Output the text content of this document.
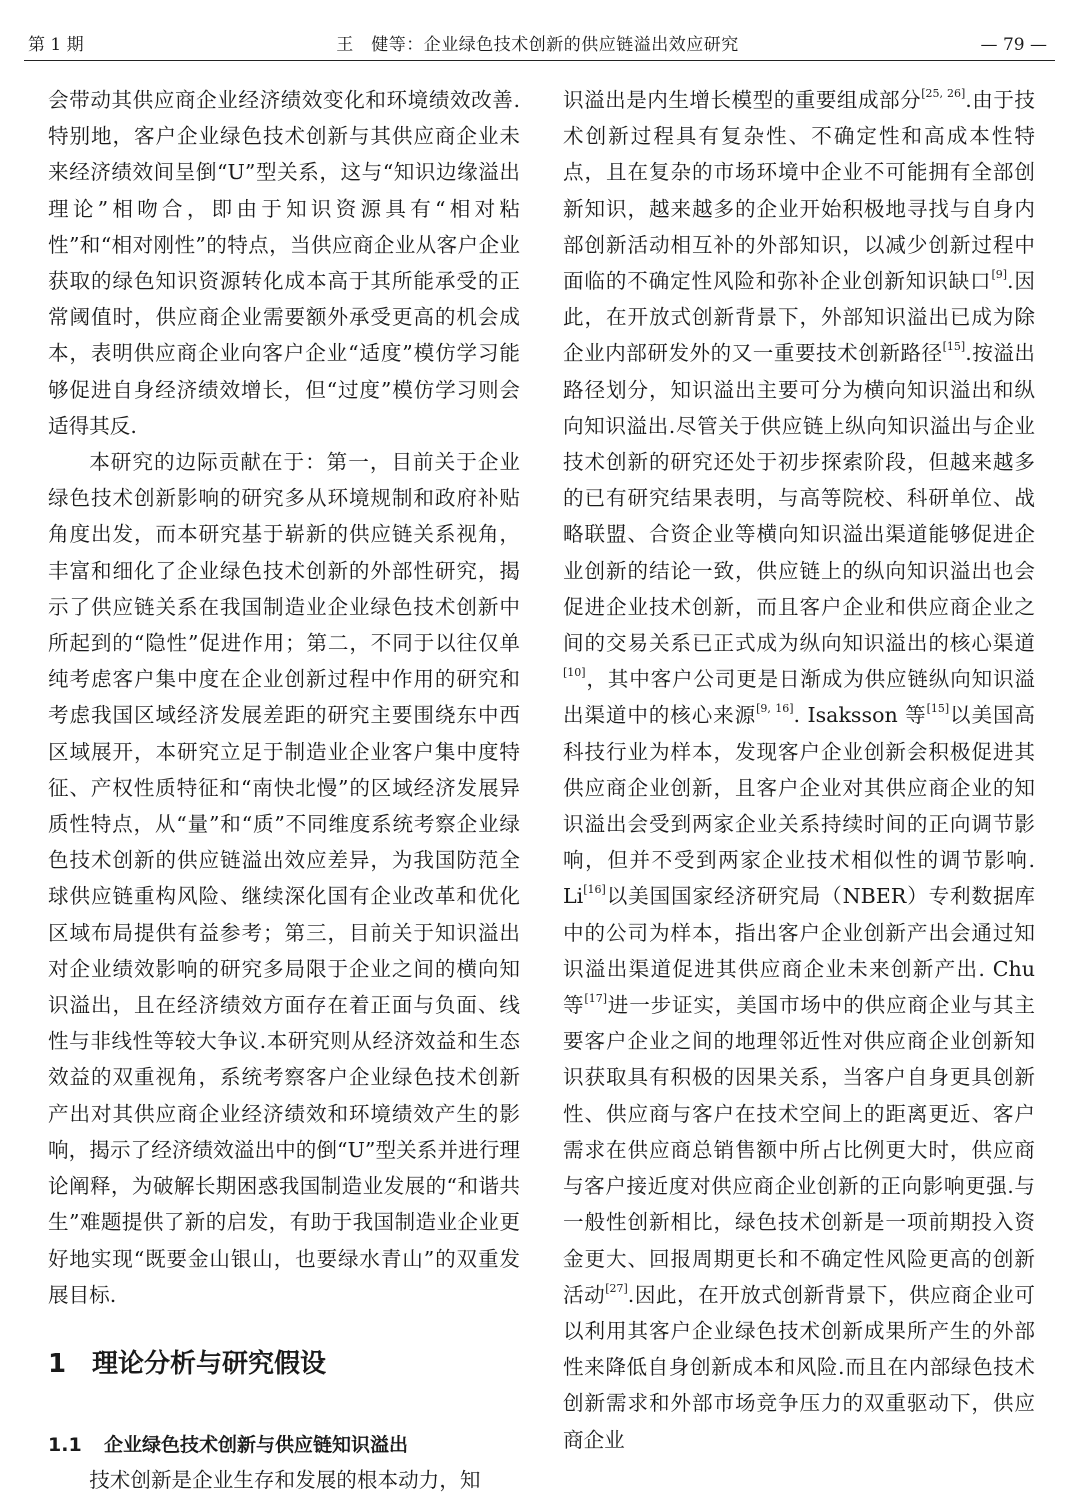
第 1 期	王　健等：企业绿色技术创新的供应链溢出效应研究	— 79 —

会带动其供应商企业经济绩效变化和环境绩效改善.特别地，客户企业绿色技术创新与其供应商企业未来经济绩效间呈倒“U”型关系，这与“知识边缘溢出理论”相吻合，即由于知识资源具有“相对粘性”和“相对刚性”的特点，当供应商企业从客户企业获取的绿色知识资源转化成本高于其所能承受的正常阈值时，供应商企业需要额外承受更高的机会成本，表明供应商企业向客户企业“适度”模仿学习能够促进自身经济绩效增长，但“过度”模仿学习则会适得其反.

本研究的边际贡献在于：第一，目前关于企业绿色技术创新影响的研究多从环境规制和政府补贴角度出发，而本研究基于崭新的供应链关系视角，丰富和细化了企业绿色技术创新的外部性研究，揭示了供应链关系在我国制造业企业绿色技术创新中所起到的“隐性”促进作用；第二，不同于以往仅单纯考虑客户集中度在企业创新过程中作用的研究和考虑我国区域经济发展差距的研究主要围绕东中西区域展开，本研究立足于制造业企业客户集中度特征、产权性质特征和“南快北慢”的区域经济发展异质性特点，从“量”和“质”不同维度系统考察企业绿色技术创新的供应链溢出效应差异，为我国防范全球供应链重构风险、继续深化国有企业改革和优化区域布局提供有益参考；第三，目前关于知识溢出对企业绩效影响的研究多局限于企业之间的横向知识溢出，且在经济绩效方面存在着正面与负面、线性与非线性等较大争议.本研究则从经济效益和生态效益的双重视角，系统考察客户企业绿色技术创新产出对其供应商企业经济绩效和环境绩效产生的影响，揭示了经济绩效溢出中的倒“U”型关系并进行理论阐释，为破解长期困惑我国制造业发展的“和谐共生”难题提供了新的启发，有助于我国制造业企业更好地实现“既要金山银山，也要绿水青山”的双重发展目标.

1 理论分析与研究假设
1.1 企业绿色技术创新与供应链知识溢出
技术创新是企业生存和发展的根本动力，知

识溢出是内生增长模型的重要组成部分[25, 26].由于技术创新过程具有复杂性、不确定性和高成本性特点，且在复杂的市场环境中企业不可能拥有全部创新知识，越来越多的企业开始积极地寻找与自身内部创新活动相互补的外部知识，以减少创新过程中面临的不确定性风险和弥补企业创新知识缺口[9].因此，在开放式创新背景下，外部知识溢出已成为除企业内部研发外的又一重要技术创新路径[15].按溢出路径划分，知识溢出主要可分为横向知识溢出和纵向知识溢出.尽管关于供应链上纵向知识溢出与企业技术创新的研究还处于初步探索阶段，但越来越多的已有研究结果表明，与高等院校、科研单位、战略联盟、合资企业等横向知识溢出渠道能够促进企业创新的结论一致，供应链上的纵向知识溢出也会促进企业技术创新，而且客户企业和供应商企业之间的交易关系已正式成为纵向知识溢出的核心渠道[10]，其中客户公司更是日渐成为供应链纵向知识溢出渠道中的核心来源[9, 16]. Isaksson 等[15]以美国高科技行业为样本，发现客户企业创新会积极促进其供应商企业创新，且客户企业对其供应商企业的知识溢出会受到两家企业关系持续时间的正向调节影响，但并不受到两家企业技术相似性的调节影响. Li[16]以美国国家经济研究局（NBER）专利数据库中的公司为样本，指出客户企业创新产出会通过知识溢出渠道促进其供应商企业未来创新产出. Chu 等[17]进一步证实，美国市场中的供应商企业与其主要客户企业之间的地理邻近性对供应商企业创新知识获取具有积极的因果关系，当客户自身更具创新性、供应商与客户在技术空间上的距离更近、客户需求在供应商总销售额中所占比例更大时，供应商与客户接近度对供应商企业创新的正向影响更强.与一般性创新相比，绿色技术创新是一项前期投入资金更大、回报周期更长和不确定性风险更高的创新活动[27].因此，在开放式创新背景下，供应商企业可以利用其客户企业绿色技术创新成果所产生的外部性来降低自身创新成本和风险.而且在内部绿色技术创新需求和外部市场竞争压力的双重驱动下，供应商企业
